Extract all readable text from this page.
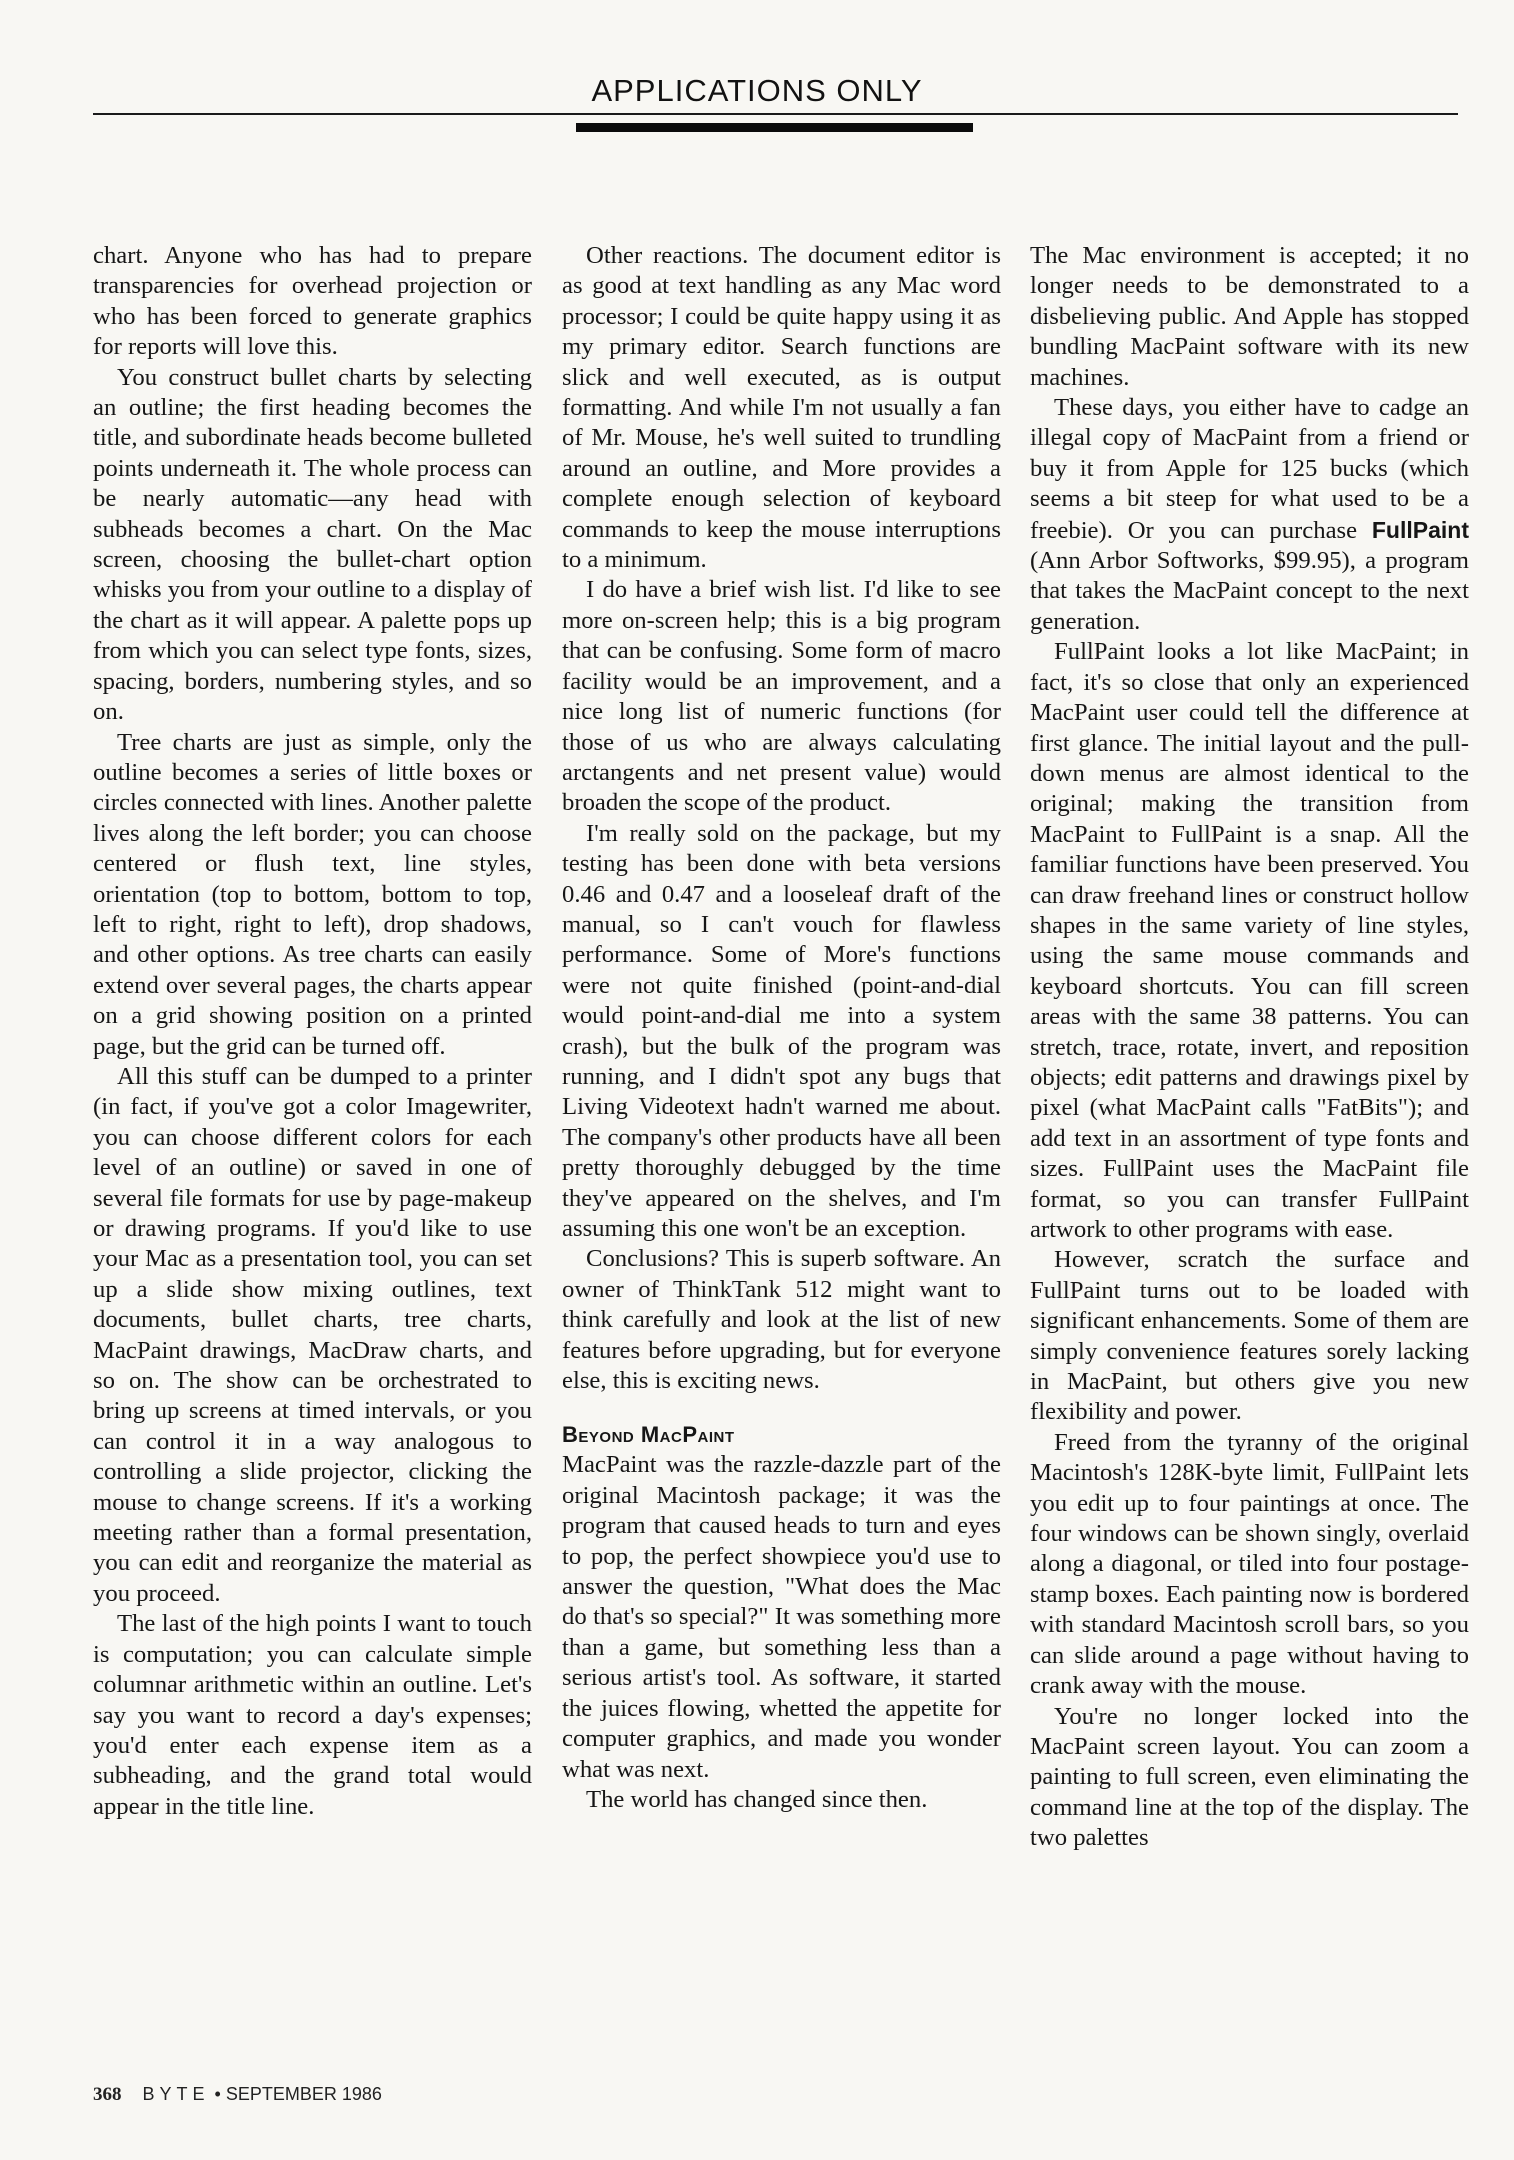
APPLICATIONS ONLY

chart. Anyone who has had to prepare transparencies for overhead projection or who has been forced to generate graphics for reports will love this.

You construct bullet charts by selecting an outline; the first heading becomes the title, and subordinate heads become bulleted points underneath it. The whole process can be nearly automatic—any head with subheads becomes a chart. On the Mac screen, choosing the bullet-chart option whisks you from your outline to a display of the chart as it will appear. A palette pops up from which you can select type fonts, sizes, spacing, borders, numbering styles, and so on.

Tree charts are just as simple, only the outline becomes a series of little boxes or circles connected with lines. Another palette lives along the left border; you can choose centered or flush text, line styles, orientation (top to bottom, bottom to top, left to right, right to left), drop shadows, and other options. As tree charts can easily extend over several pages, the charts appear on a grid showing position on a printed page, but the grid can be turned off.

All this stuff can be dumped to a printer (in fact, if you've got a color Imagewriter, you can choose different colors for each level of an outline) or saved in one of several file formats for use by page-makeup or drawing programs. If you'd like to use your Mac as a presentation tool, you can set up a slide show mixing outlines, text documents, bullet charts, tree charts, MacPaint drawings, MacDraw charts, and so on. The show can be orchestrated to bring up screens at timed intervals, or you can control it in a way analogous to controlling a slide projector, clicking the mouse to change screens. If it's a working meeting rather than a formal presentation, you can edit and reorganize the material as you proceed.

The last of the high points I want to touch is computation; you can calculate simple columnar arithmetic within an outline. Let's say you want to record a day's expenses; you'd enter each expense item as a subheading, and the grand total would appear in the title line.

Other reactions. The document editor is as good at text handling as any Mac word processor; I could be quite happy using it as my primary editor. Search functions are slick and well executed, as is output formatting. And while I'm not usually a fan of Mr. Mouse, he's well suited to trundling around an outline, and More provides a complete enough selection of keyboard commands to keep the mouse interruptions to a minimum.

I do have a brief wish list. I'd like to see more on-screen help; this is a big program that can be confusing. Some form of macro facility would be an improvement, and a nice long list of numeric functions (for those of us who are always calculating arctangents and net present value) would broaden the scope of the product.

I'm really sold on the package, but my testing has been done with beta versions 0.46 and 0.47 and a looseleaf draft of the manual, so I can't vouch for flawless performance. Some of More's functions were not quite finished (point-and-dial would point-and-dial me into a system crash), but the bulk of the program was running, and I didn't spot any bugs that Living Videotext hadn't warned me about. The company's other products have all been pretty thoroughly debugged by the time they've appeared on the shelves, and I'm assuming this one won't be an exception.

Conclusions? This is superb software. An owner of ThinkTank 512 might want to think carefully and look at the list of new features before upgrading, but for everyone else, this is exciting news.

Beyond MacPaint

MacPaint was the razzle-dazzle part of the original Macintosh package; it was the program that caused heads to turn and eyes to pop, the perfect showpiece you'd use to answer the question, "What does the Mac do that's so special?" It was something more than a game, but something less than a serious artist's tool. As software, it started the juices flowing, whetted the appetite for computer graphics, and made you wonder what was next.

The world has changed since then.

The Mac environment is accepted; it no longer needs to be demonstrated to a disbelieving public. And Apple has stopped bundling MacPaint software with its new machines.

These days, you either have to cadge an illegal copy of MacPaint from a friend or buy it from Apple for 125 bucks (which seems a bit steep for what used to be a freebie). Or you can purchase FullPaint (Ann Arbor Softworks, $99.95), a program that takes the MacPaint concept to the next generation.

FullPaint looks a lot like MacPaint; in fact, it's so close that only an experienced MacPaint user could tell the difference at first glance. The initial layout and the pull-down menus are almost identical to the original; making the transition from MacPaint to FullPaint is a snap. All the familiar functions have been preserved. You can draw freehand lines or construct hollow shapes in the same variety of line styles, using the same mouse commands and keyboard shortcuts. You can fill screen areas with the same 38 patterns. You can stretch, trace, rotate, invert, and reposition objects; edit patterns and drawings pixel by pixel (what MacPaint calls "FatBits"); and add text in an assortment of type fonts and sizes. FullPaint uses the MacPaint file format, so you can transfer FullPaint artwork to other programs with ease.

However, scratch the surface and FullPaint turns out to be loaded with significant enhancements. Some of them are simply convenience features sorely lacking in MacPaint, but others give you new flexibility and power.

Freed from the tyranny of the original Macintosh's 128K-byte limit, FullPaint lets you edit up to four paintings at once. The four windows can be shown singly, overlaid along a diagonal, or tiled into four postage-stamp boxes. Each painting now is bordered with standard Macintosh scroll bars, so you can slide around a page without having to crank away with the mouse.

You're no longer locked into the MacPaint screen layout. You can zoom a painting to full screen, even eliminating the command line at the top of the display. The two palettes

368 BYTE • SEPTEMBER 1986
